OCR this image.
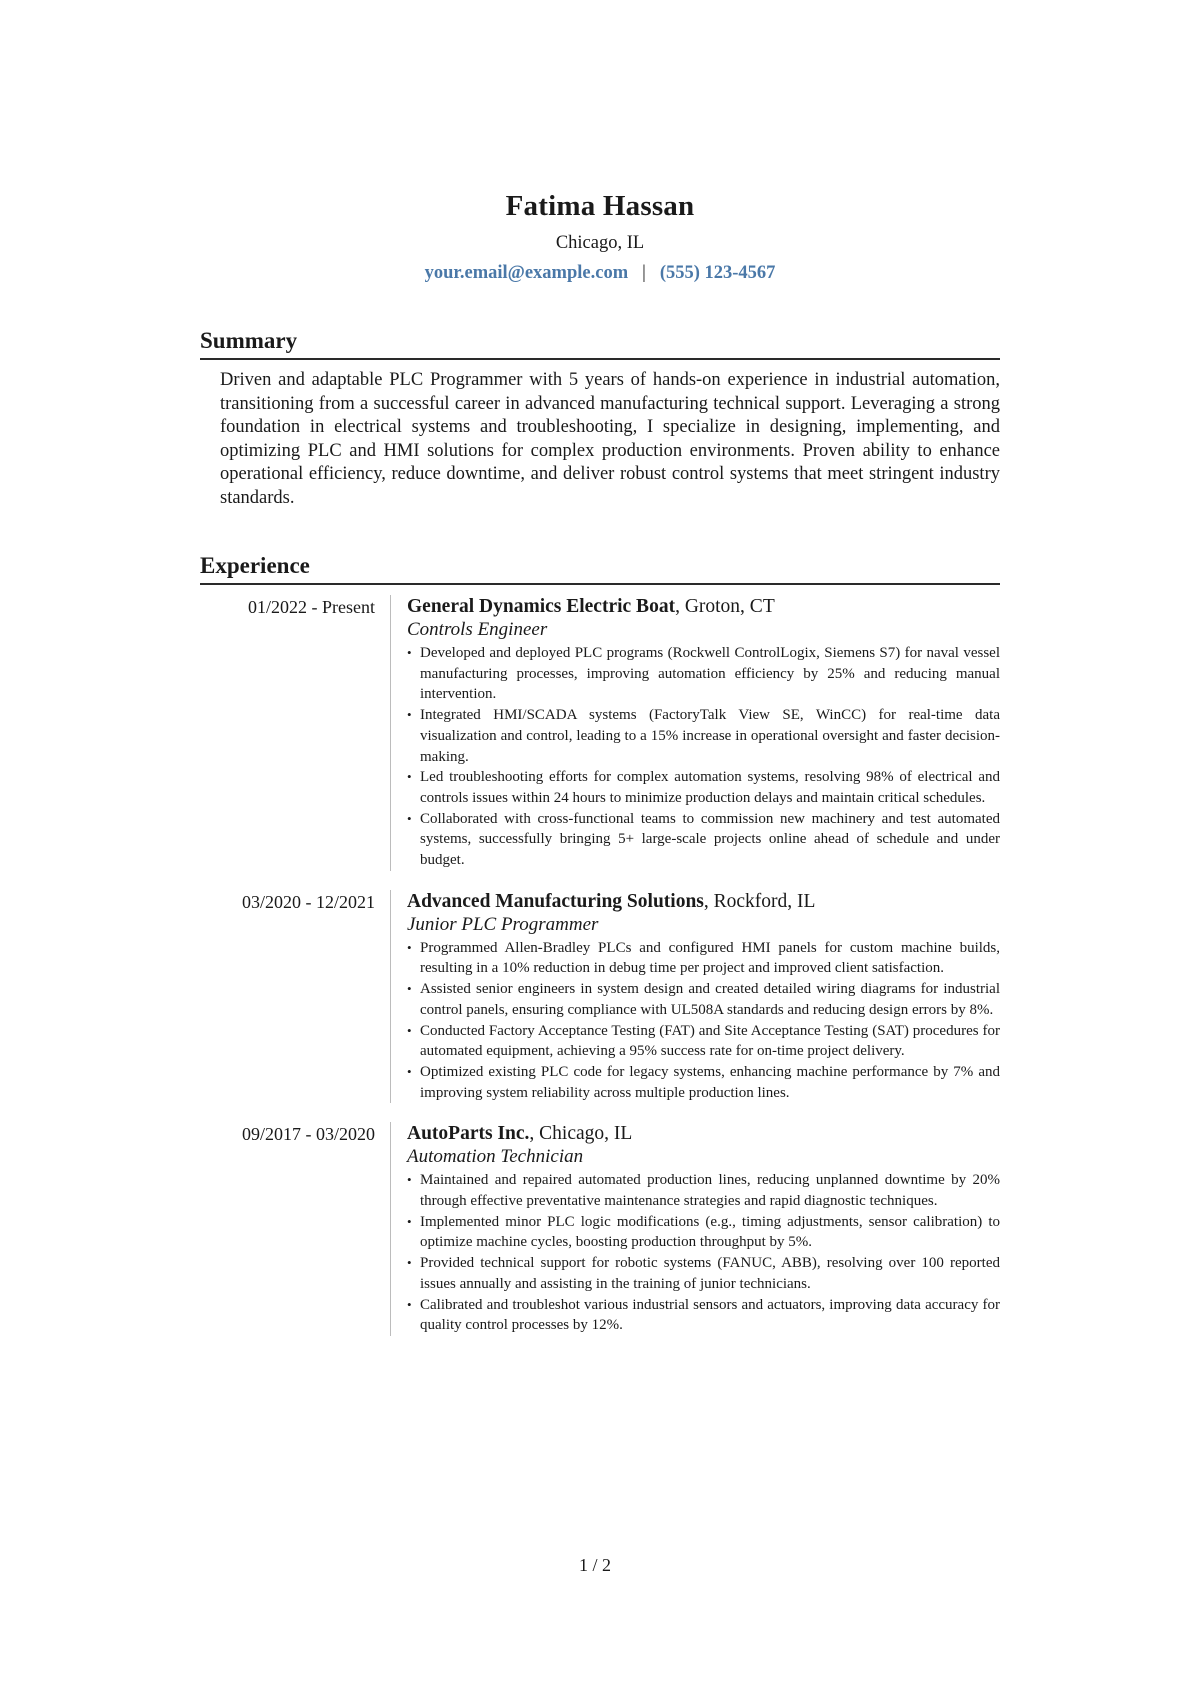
Fatima Hassan
Chicago, IL
your.email@example.com | (555) 123-4567
Summary
Driven and adaptable PLC Programmer with 5 years of hands-on experience in industrial automation, transitioning from a successful career in advanced manufacturing technical support. Leveraging a strong foundation in electrical systems and troubleshooting, I specialize in designing, implementing, and optimizing PLC and HMI solutions for complex production environments. Proven ability to enhance operational efficiency, reduce downtime, and deliver robust control systems that meet stringent industry standards.
Experience
01/2022 - Present	General Dynamics Electric Boat, Groton, CT
Controls Engineer
• Developed and deployed PLC programs (Rockwell ControlLogix, Siemens S7) for naval vessel manufacturing processes, improving automation efficiency by 25% and reducing manual intervention.
• Integrated HMI/SCADA systems (FactoryTalk View SE, WinCC) for real-time data visualization and control, leading to a 15% increase in operational oversight and faster decision-making.
• Led troubleshooting efforts for complex automation systems, resolving 98% of electrical and controls issues within 24 hours to minimize production delays and maintain critical schedules.
• Collaborated with cross-functional teams to commission new machinery and test automated systems, successfully bringing 5+ large-scale projects online ahead of schedule and under budget.
03/2020 - 12/2021	Advanced Manufacturing Solutions, Rockford, IL
Junior PLC Programmer
• Programmed Allen-Bradley PLCs and configured HMI panels for custom machine builds, resulting in a 10% reduction in debug time per project and improved client satisfaction.
• Assisted senior engineers in system design and created detailed wiring diagrams for industrial control panels, ensuring compliance with UL508A standards and reducing design errors by 8%.
• Conducted Factory Acceptance Testing (FAT) and Site Acceptance Testing (SAT) procedures for automated equipment, achieving a 95% success rate for on-time project delivery.
• Optimized existing PLC code for legacy systems, enhancing machine performance by 7% and improving system reliability across multiple production lines.
09/2017 - 03/2020	AutoParts Inc., Chicago, IL
Automation Technician
• Maintained and repaired automated production lines, reducing unplanned downtime by 20% through effective preventative maintenance strategies and rapid diagnostic techniques.
• Implemented minor PLC logic modifications (e.g., timing adjustments, sensor calibration) to optimize machine cycles, boosting production throughput by 5%.
• Provided technical support for robotic systems (FANUC, ABB), resolving over 100 reported issues annually and assisting in the training of junior technicians.
• Calibrated and troubleshot various industrial sensors and actuators, improving data accuracy for quality control processes by 12%.
1 / 2
